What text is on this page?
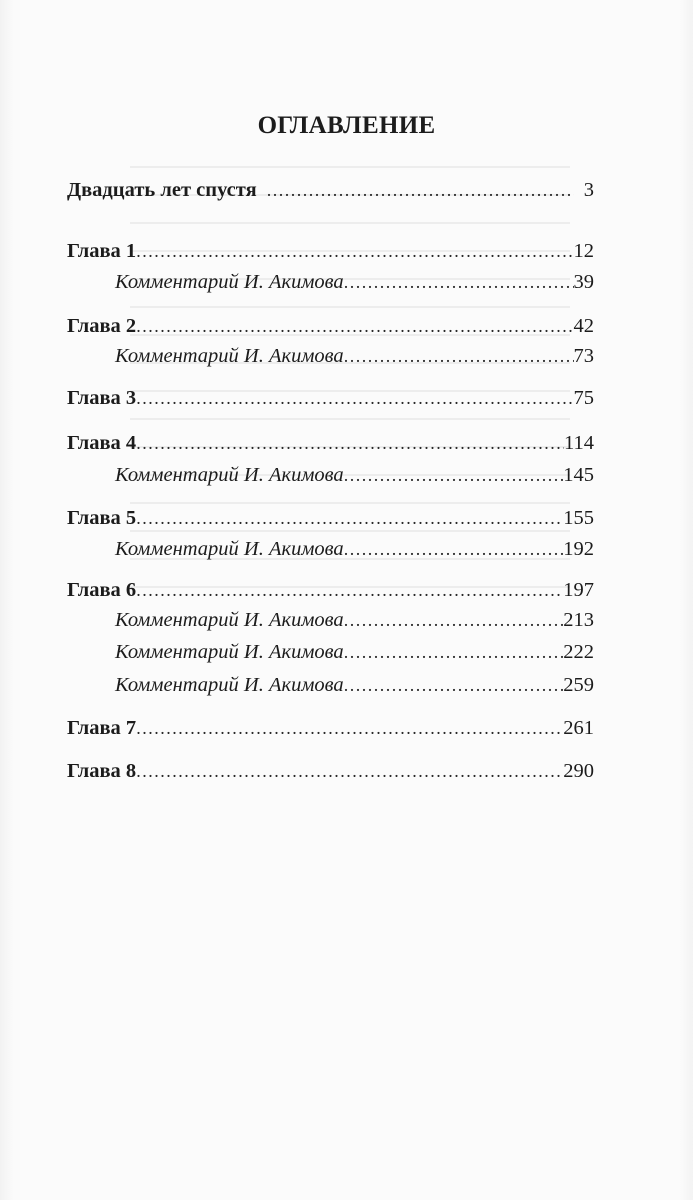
ОГЛАВЛЕНИЕ
Двадцать лет спустя .....	3
Глава 1 .....	12
Комментарий И. Акимова .....	39
Глава 2 .....	42
Комментарий И. Акимова .....	73
Глава 3 .....	75
Глава 4 .....	114
Комментарий И. Акимова .....	145
Глава 5 .....	155
Комментарий И. Акимова .....	192
Глава 6 .....	197
Комментарий И. Акимова .....	213
Комментарий И. Акимова .....	222
Комментарий И. Акимова .....	259
Глава 7 .....	261
Глава 8 .....	290
